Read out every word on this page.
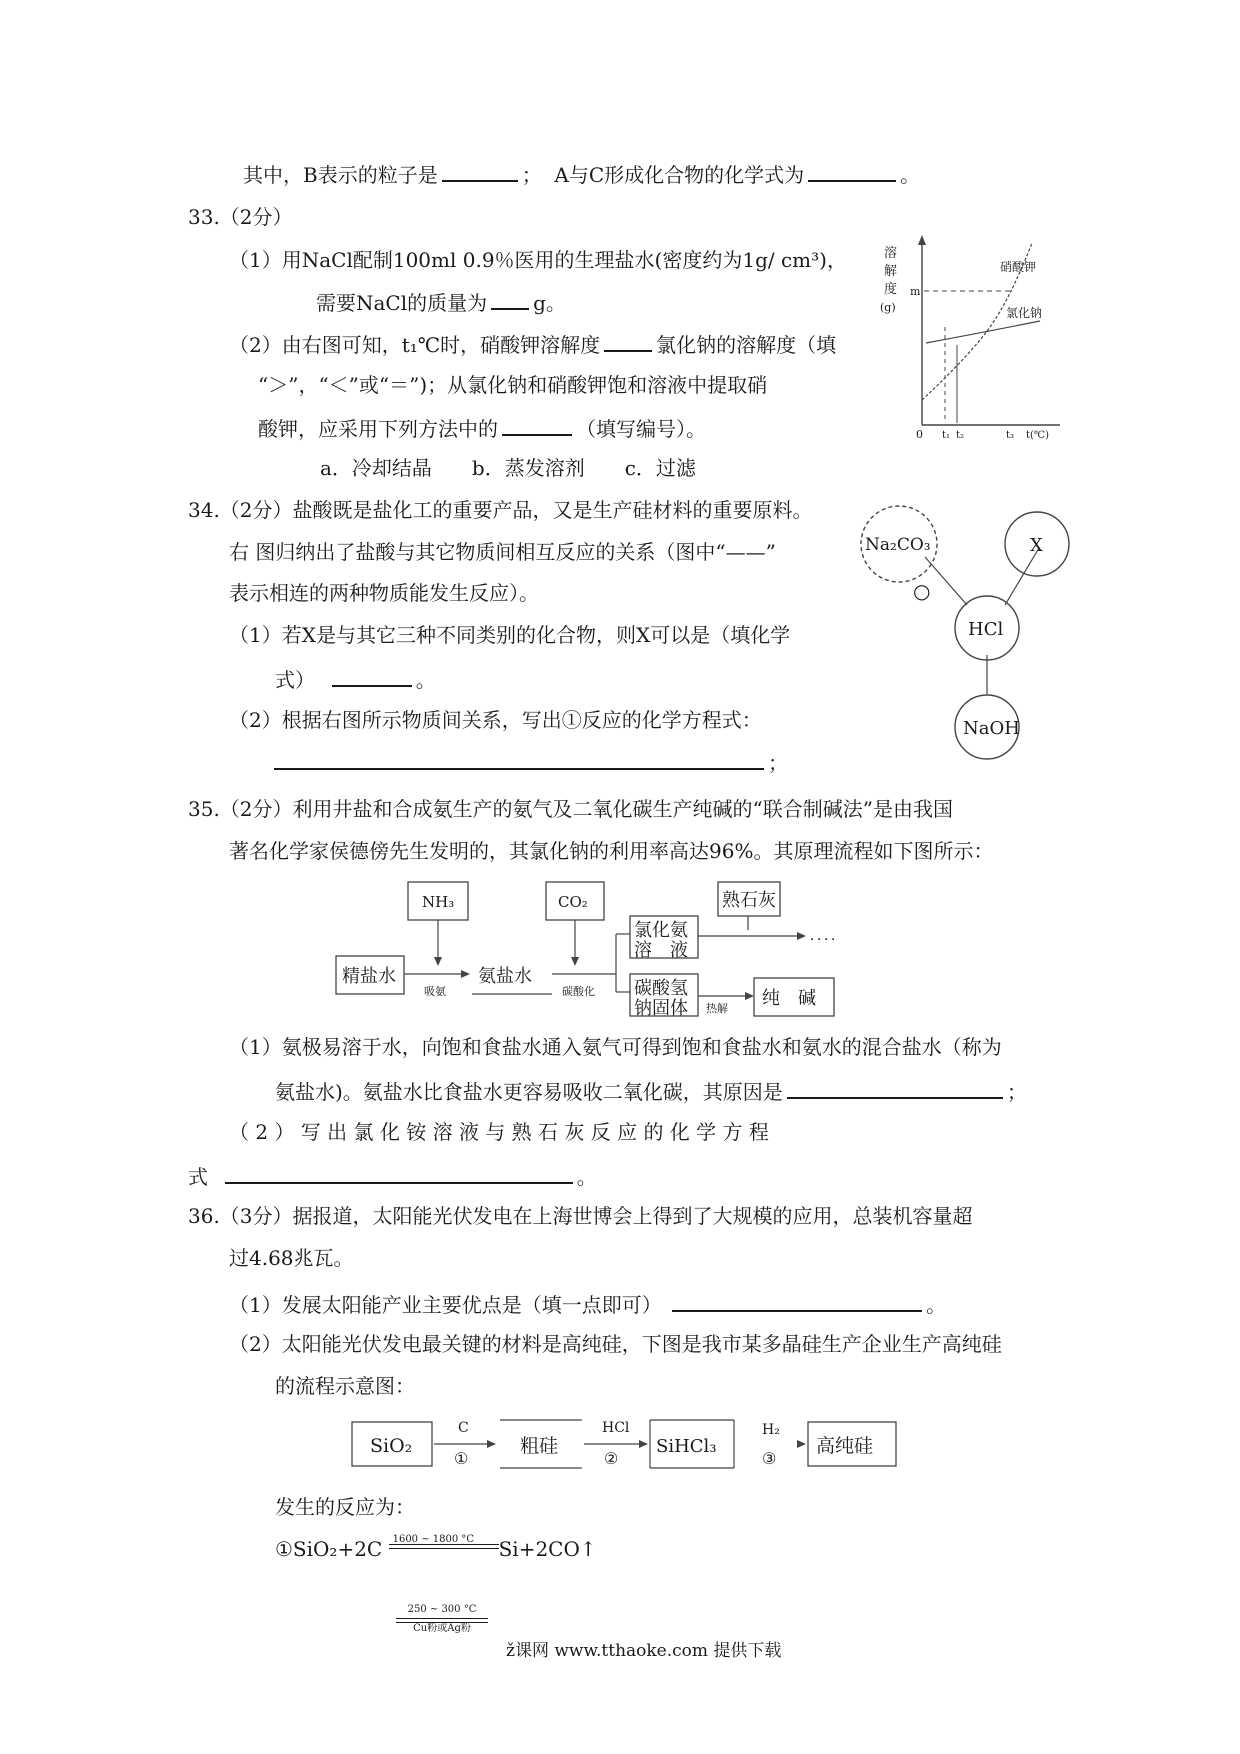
其中，B表示的粒子是	； A与C形成化合物的化学式为	。
33.（2分）
（1）用NaCl配制100ml 0.9％医用的生理盐水(密度约为1g/ cm³)，
需要NaCl的质量为 g。
（2）由右图可知，t₁℃时，硝酸钾溶解度	氯化钠的溶解度（填
“＞”，“＜”或“＝”)；从氯化钠和硝酸钾饱和溶液中提取硝
酸钾，应采用下列方法中的	（填写编号）。
a．冷却结晶　　b．蒸发溶剂　　c．过滤
溶
解
度
(g)
m
硝酸钾
氯化钠
0 t₁ t₂	t₃ t(℃)
34.（2分）盐酸既是盐化工的重要产品，又是生产硅材料的重要原料。
右 图归纳出了盐酸与其它物质间相互反应的关系（图中“——”
表示相连的两种物质能发生反应）。
（1）若X是与其它三种不同类别的化合物，则X可以是（填化学
式）	。
（2）根据右图所示物质间关系，写出①反应的化学方程式：
；
Na₂CO₃	X
HCl
NaOH
○
35.（2分）利用井盐和合成氨生产的氨气及二氧化碳生产纯碱的“联合制碱法”是由我国
著名化学家侯德傍先生发明的，其氯化钠的利用率高达96%。其原理流程如下图所示：
NH₃
精盐水
吸氨
氨盐水
CO₂
碳酸化
氯化氨
溶　液
熟石灰
．．．．
碳酸氢
钠固体 热解 纯　碱
（1）氨极易溶于水，向饱和食盐水通入氨气可得到饱和食盐水和氨水的混合盐水（称为
氨盐水)。氨盐水比食盐水更容易吸收二氧化碳，其原因是	；
（ 2 ） 写 出 氯 化 铵 溶 液 与 熟 石 灰 反 应 的 化 学 方 程
式	。
36.（3分）据报道，太阳能光伏发电在上海世博会上得到了大规模的应用，总装机容量超
过4.68兆瓦。
（1）发展太阳能产业主要优点是（填一点即可）	。
（2）太阳能光伏发电最关键的材料是高纯硅，下图是我市某多晶硅生产企业生产高纯硅
的流程示意图：
SiO₂
C
①
粗硅
HCl
②
SiHCl₃
H₂
③
高纯硅
发生的反应为：
①SiO₂+2C 1600 ~ 1800 °C Si+2CO↑
250 ~ 300 °C
Cu粉或Ag粉
ž课网 www.tthaoke.com 提供下载
